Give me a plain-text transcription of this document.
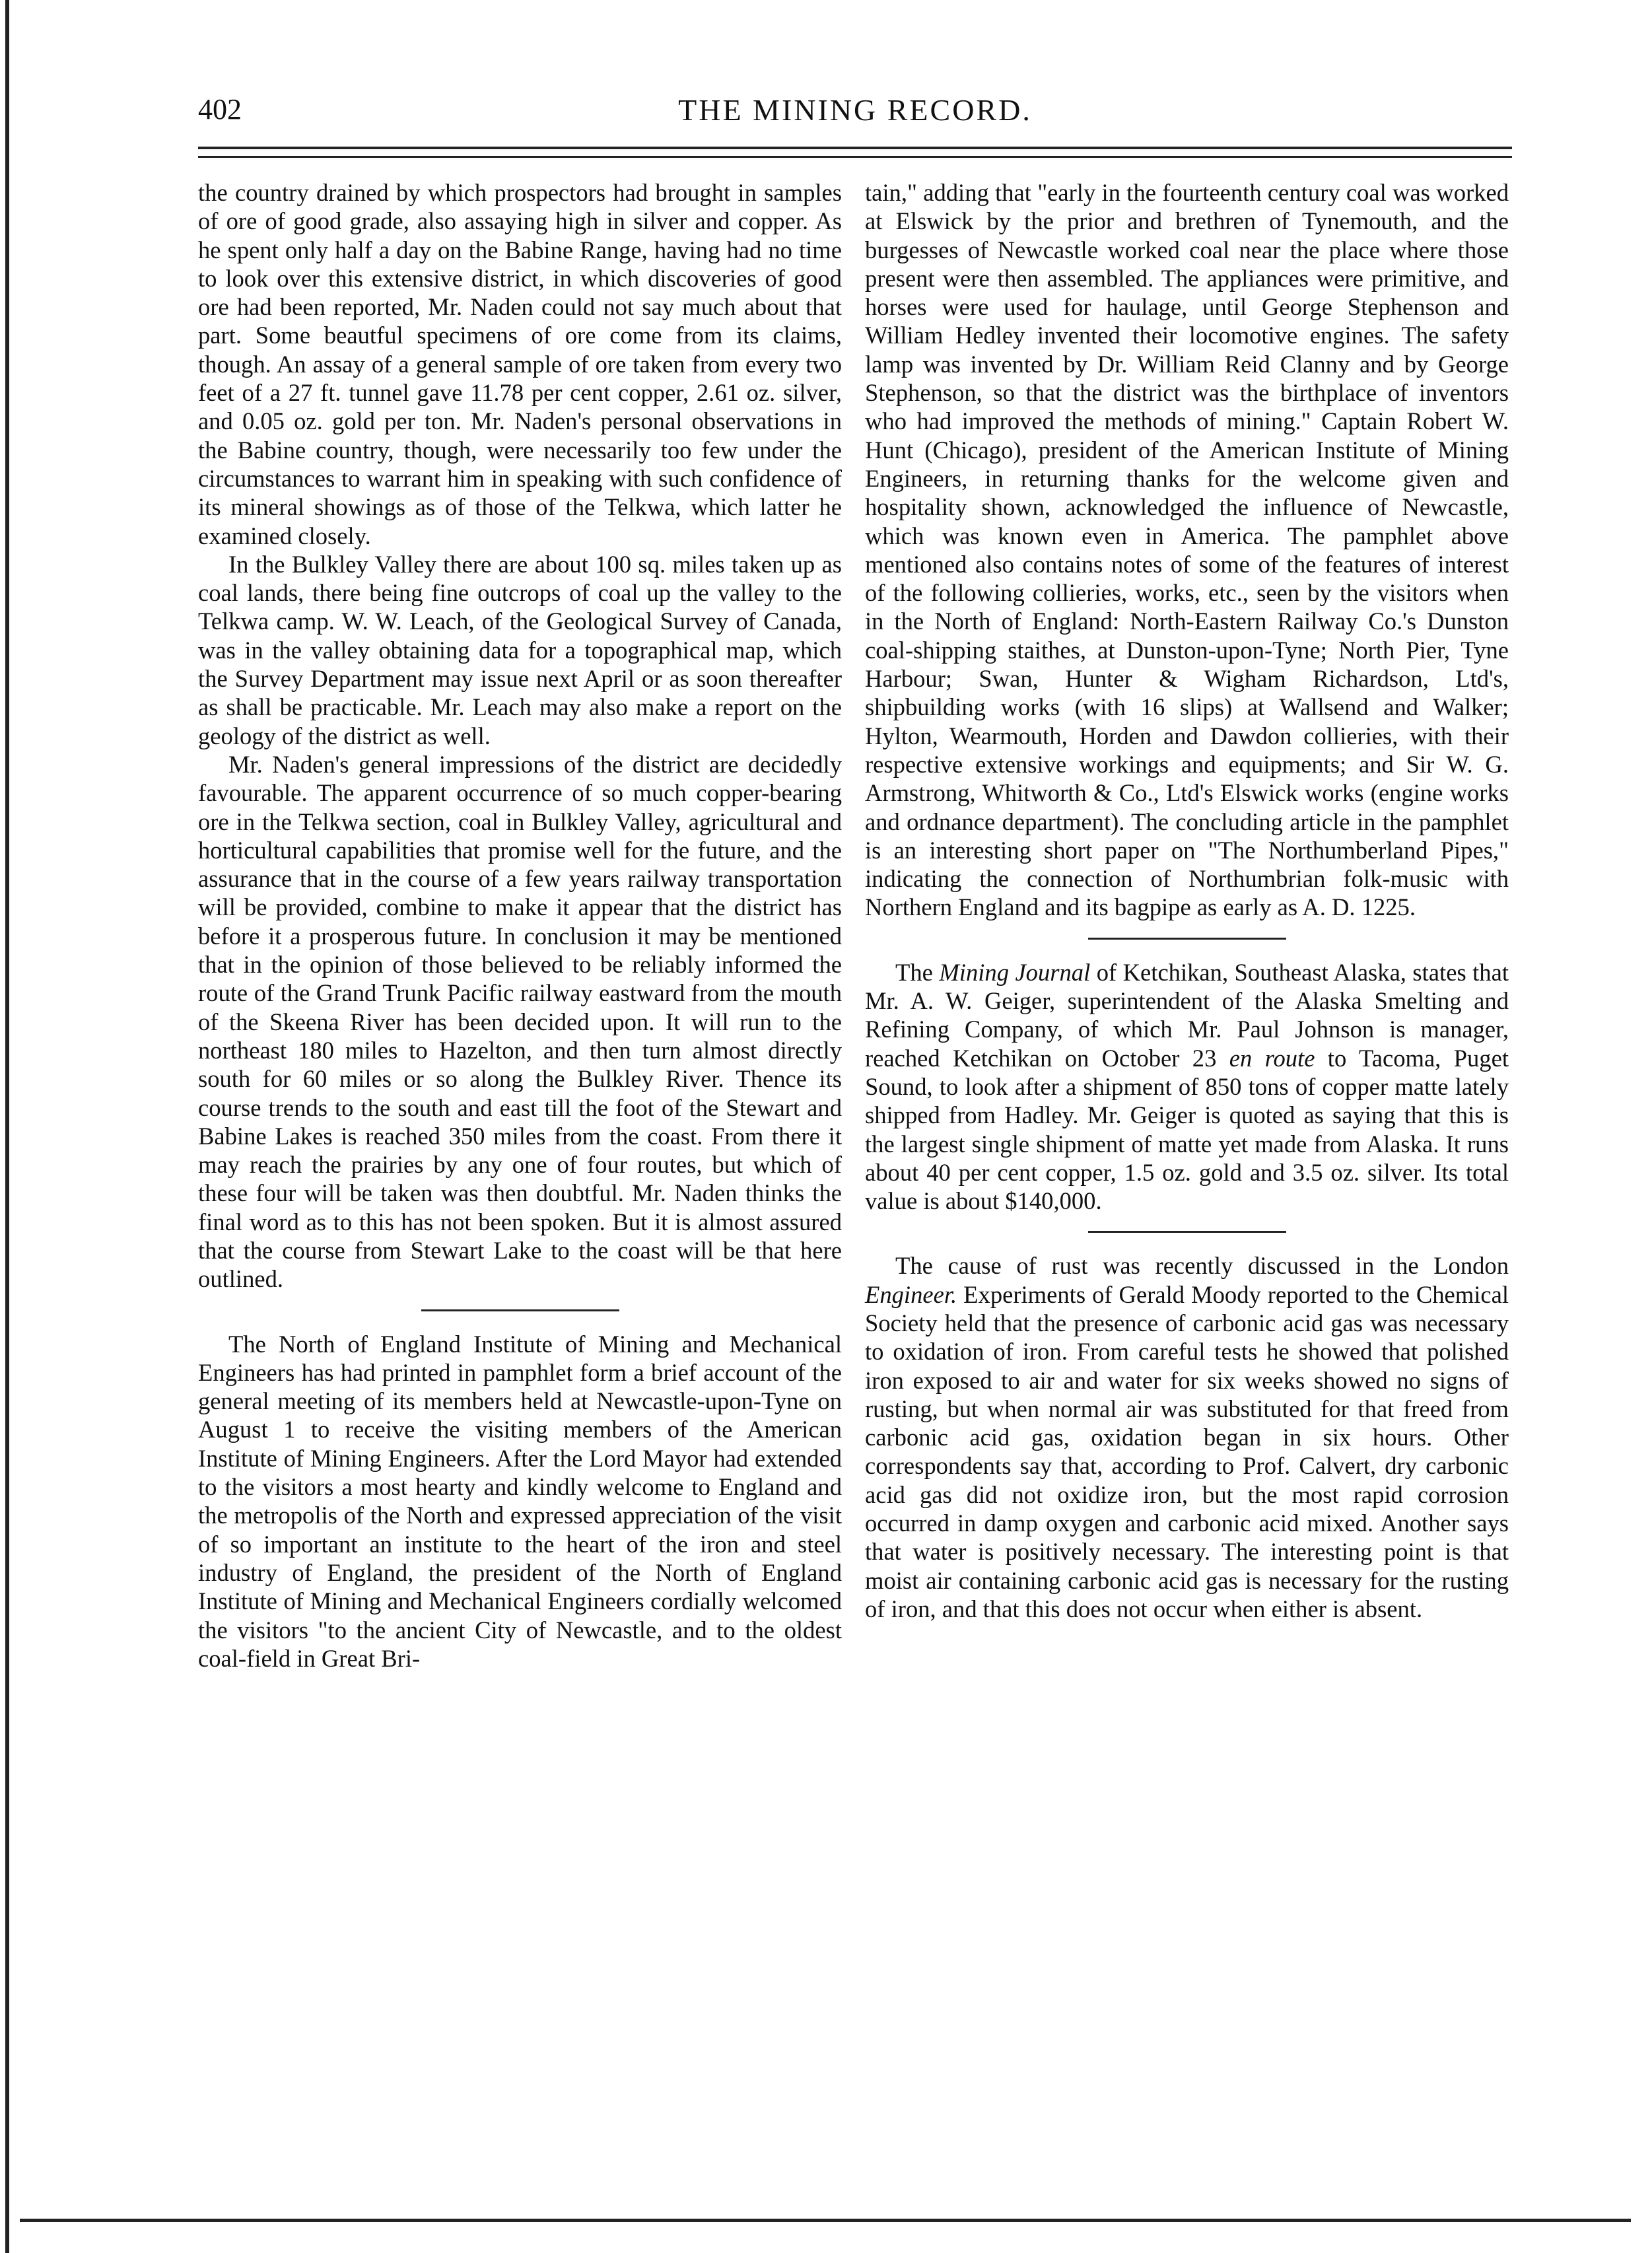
402	THE MINING RECORD.

the country drained by which prospectors had brought in samples of ore of good grade, also assaying high in silver and copper. As he spent only half a day on the Babine Range, having had no time to look over this extensive district, in which discoveries of good ore had been reported, Mr. Naden could not say much about that part. Some beautful specimens of ore come from its claims, though. An assay of a general sample of ore taken from every two feet of a 27 ft. tunnel gave 11.78 per cent copper, 2.61 oz. silver, and 0.05 oz. gold per ton. Mr. Naden's personal observations in the Babine country, though, were necessarily too few under the circumstances to warrant him in speaking with such confidence of its mineral showings as of those of the Telkwa, which latter he examined closely.

In the Bulkley Valley there are about 100 sq. miles taken up as coal lands, there being fine outcrops of coal up the valley to the Telkwa camp. W. W. Leach, of the Geological Survey of Canada, was in the valley obtaining data for a topographical map, which the Survey Department may issue next April or as soon thereafter as shall be practicable. Mr. Leach may also make a report on the geology of the district as well.

Mr. Naden's general impressions of the district are decidedly favourable. The apparent occurrence of so much copper-bearing ore in the Telkwa section, coal in Bulkley Valley, agricultural and horticultural capabilities that promise well for the future, and the assurance that in the course of a few years railway transportation will be provided, combine to make it appear that the district has before it a prosperous future. In conclusion it may be mentioned that in the opinion of those believed to be reliably informed the route of the Grand Trunk Pacific railway eastward from the mouth of the Skeena River has been decided upon. It will run to the northeast 180 miles to Hazelton, and then turn almost directly south for 60 miles or so along the Bulkley River. Thence its course trends to the south and east till the foot of the Stewart and Babine Lakes is reached 350 miles from the coast. From there it may reach the prairies by any one of four routes, but which of these four will be taken was then doubtful. Mr. Naden thinks the final word as to this has not been spoken. But it is almost assured that the course from Stewart Lake to the coast will be that here outlined.

The North of England Institute of Mining and Mechanical Engineers has had printed in pamphlet form a brief account of the general meeting of its members held at Newcastle-upon-Tyne on August 1 to receive the visiting members of the American Institute of Mining Engineers. After the Lord Mayor had extended to the visitors a most hearty and kindly welcome to England and the metropolis of the North and expressed appreciation of the visit of so important an institute to the heart of the iron and steel industry of England, the president of the North of England Institute of Mining and Mechanical Engineers cordially welcomed the visitors "to the ancient City of Newcastle, and to the oldest coal-field in Great Bri-

tain," adding that "early in the fourteenth century coal was worked at Elswick by the prior and brethren of Tynemouth, and the burgesses of Newcastle worked coal near the place where those present were then assembled. The appliances were primitive, and horses were used for haulage, until George Stephenson and William Hedley invented their locomotive engines. The safety lamp was invented by Dr. William Reid Clanny and by George Stephenson, so that the district was the birthplace of inventors who had improved the methods of mining." Captain Robert W. Hunt (Chicago), president of the American Institute of Mining Engineers, in returning thanks for the welcome given and hospitality shown, acknowledged the influence of Newcastle, which was known even in America. The pamphlet above mentioned also contains notes of some of the features of interest of the following collieries, works, etc., seen by the visitors when in the North of England: North-Eastern Railway Co.'s Dunston coal-shipping staithes, at Dunston-upon-Tyne; North Pier, Tyne Harbour; Swan, Hunter & Wigham Richardson, Ltd's, shipbuilding works (with 16 slips) at Wallsend and Walker; Hylton, Wearmouth, Horden and Dawdon collieries, with their respective extensive workings and equipments; and Sir W. G. Armstrong, Whitworth & Co., Ltd's Elswick works (engine works and ordnance department). The concluding article in the pamphlet is an interesting short paper on "The Northumberland Pipes," indicating the connection of Northumbrian folk-music with Northern England and its bagpipe as early as A. D. 1225.

The Mining Journal of Ketchikan, Southeast Alaska, states that Mr. A. W. Geiger, superintendent of the Alaska Smelting and Refining Company, of which Mr. Paul Johnson is manager, reached Ketchikan on October 23 en route to Tacoma, Puget Sound, to look after a shipment of 850 tons of copper matte lately shipped from Hadley. Mr. Geiger is quoted as saying that this is the largest single shipment of matte yet made from Alaska. It runs about 40 per cent copper, 1.5 oz. gold and 3.5 oz. silver. Its total value is about $140,000.

The cause of rust was recently discussed in the London Engineer. Experiments of Gerald Moody reported to the Chemical Society held that the presence of carbonic acid gas was necessary to oxidation of iron. From careful tests he showed that polished iron exposed to air and water for six weeks showed no signs of rusting, but when normal air was substituted for that freed from carbonic acid gas, oxidation began in six hours. Other correspondents say that, according to Prof. Calvert, dry carbonic acid gas did not oxidize iron, but the most rapid corrosion occurred in damp oxygen and carbonic acid mixed. Another says that water is positively necessary. The interesting point is that moist air containing carbonic acid gas is necessary for the rusting of iron, and that this does not occur when either is absent.
